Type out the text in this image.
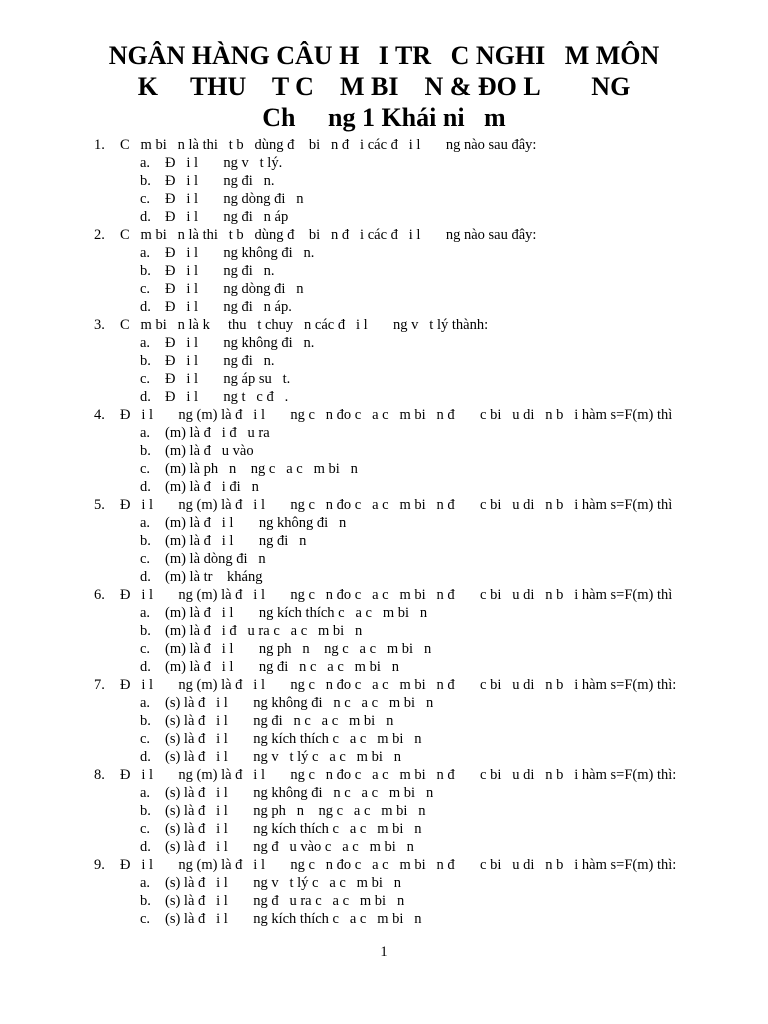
NGÂN HÀNG CÂU H   I TR   C NGHI   M MÔN
K     THU    T C    M BI    N & ĐO L        NG
Ch     ng 1 Khái ni   m
1. C   m bi   n là thi   t b   dùng đ    bi   n đ   i các đ   i l       ng nào sau đây:
a. Đ   i l       ng v   t lý.
b. Đ   i l       ng đi   n.
c. Đ   i l       ng dòng đi   n
d. Đ   i l       ng đi   n áp
2. C   m bi   n là thi   t b   dùng đ    bi   n đ   i các đ   i l       ng nào sau đây:
a. Đ   i l       ng không đi   n.
b. Đ   i l       ng đi   n.
c. Đ   i l       ng dòng đi   n
d. Đ   i l       ng đi   n áp.
3. C   m bi   n là k     thu   t chuy   n các đ   i l       ng v   t lý thành:
a. Đ   i l       ng không đi   n.
b. Đ   i l       ng đi   n.
c. Đ   i l       ng áp su   t.
d. Đ   i l       ng t   c đ   .
4. Đ   i l       ng (m) là đ   i l       ng c   n đo c   a c   m bi   n đ       c bi   u di   n b   i hàm s=F(m) thì
a. (m) là đ   i đ   u ra
b. (m) là đ   u vào
c. (m) là ph   n    ng c   a c   m bi   n
d. (m) là đ   i đi   n
5. Đ   i l       ng (m) là đ   i l       ng c   n đo c   a c   m bi   n đ       c bi   u di   n b   i hàm s=F(m) thì
a. (m) là đ   i l       ng không đi   n
b. (m) là đ   i l       ng đi   n
c. (m) là dòng đi   n
d. (m) là tr    kháng
6. Đ   i l       ng (m) là đ   i l       ng c   n đo c   a c   m bi   n đ       c bi   u di   n b   i hàm s=F(m) thì
a. (m) là đ   i l       ng kích thích c   a c   m bi   n
b. (m) là đ   i đ   u ra c   a c   m bi   n
c. (m) là đ   i l       ng ph   n    ng c   a c   m bi   n
d. (m) là đ   i l       ng đi   n c   a c   m bi   n
7. Đ   i l       ng (m) là đ   i l       ng c   n đo c   a c   m bi   n đ       c bi   u di   n b   i hàm s=F(m) thì:
a. (s) là đ   i l       ng không đi   n c   a c   m bi   n
b. (s) là đ   i l       ng đi   n c   a c   m bi   n
c. (s) là đ   i l       ng kích thích c   a c   m bi   n
d. (s) là đ   i l       ng v   t lý c   a c   m bi   n
8. Đ   i l       ng (m) là đ   i l       ng c   n đo c   a c   m bi   n đ       c bi   u di   n b   i hàm s=F(m) thì:
a. (s) là đ   i l       ng không đi   n c   a c   m bi   n
b. (s) là đ   i l       ng ph   n    ng c   a c   m bi   n
c. (s) là đ   i l       ng kích thích c   a c   m bi   n
d. (s) là đ   i l       ng đ   u vào c   a c   m bi   n
9. Đ   i l       ng (m) là đ   i l       ng c   n đo c   a c   m bi   n đ       c bi   u di   n b   i hàm s=F(m) thì:
a. (s) là đ   i l       ng v   t lý c   a c   m bi   n
b. (s) là đ   i l       ng đ   u ra c   a c   m bi   n
c. (s) là đ   i l       ng kích thích c   a c   m bi   n
1
